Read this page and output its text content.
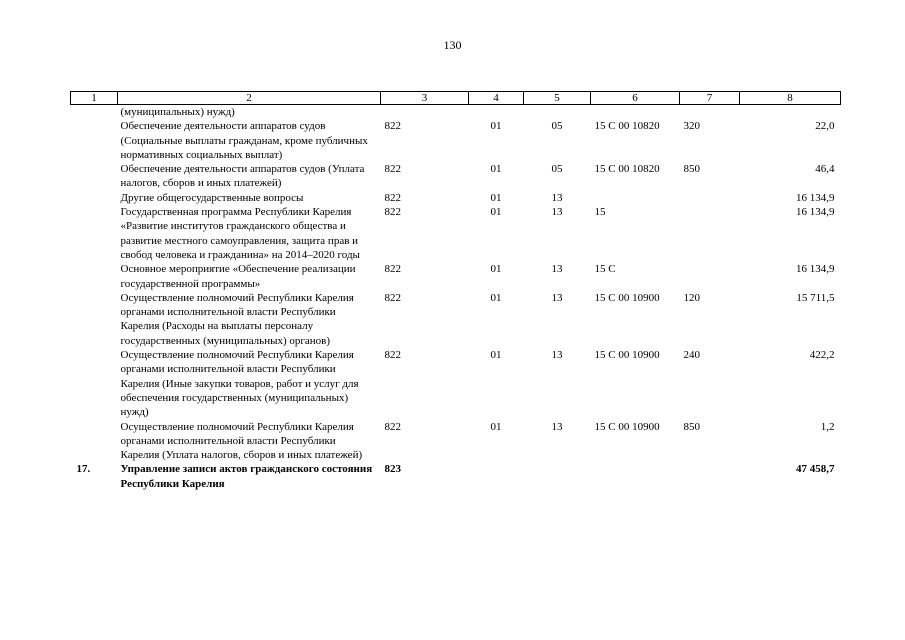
130
1	2	3	4	5	6	7	8
	(муниципальных) нужд)						
	Обеспечение деятельности аппаратов судов (Социальные выплаты гражданам, кроме публичных нормативных социальных выплат)	822	01	05	15 С 00 10820	320	22,0
	Обеспечение деятельности аппаратов судов (Уплата налогов, сборов и иных платежей)	822	01	05	15 С 00 10820	850	46,4
	Другие общегосударственные вопросы	822	01	13			16 134,9
	Государственная программа Республики Карелия «Развитие институтов гражданского общества и развитие местного самоуправления, защита прав и свобод человека и гражданина» на 2014–2020 годы	822	01	13	15		16 134,9
	Основное мероприятие «Обеспечение реализации государственной программы»	822	01	13	15 С		16 134,9
	Осуществление полномочий Республики Карелия органами исполнительной власти Республики Карелия (Расходы на выплаты персоналу государственных (муниципальных) органов)	822	01	13	15 С 00 10900	120	15 711,5
	Осуществление полномочий Республики Карелия органами исполнительной власти Республики Карелия (Иные закупки товаров, работ и услуг для обеспечения государственных (муниципальных) нужд)	822	01	13	15 С 00 10900	240	422,2
	Осуществление полномочий Республики Карелия органами исполнительной власти Республики Карелия (Уплата налогов, сборов и иных платежей)	822	01	13	15 С 00 10900	850	1,2
17.	Управление записи актов гражданского состояния Республики Карелия	823					47 458,7
